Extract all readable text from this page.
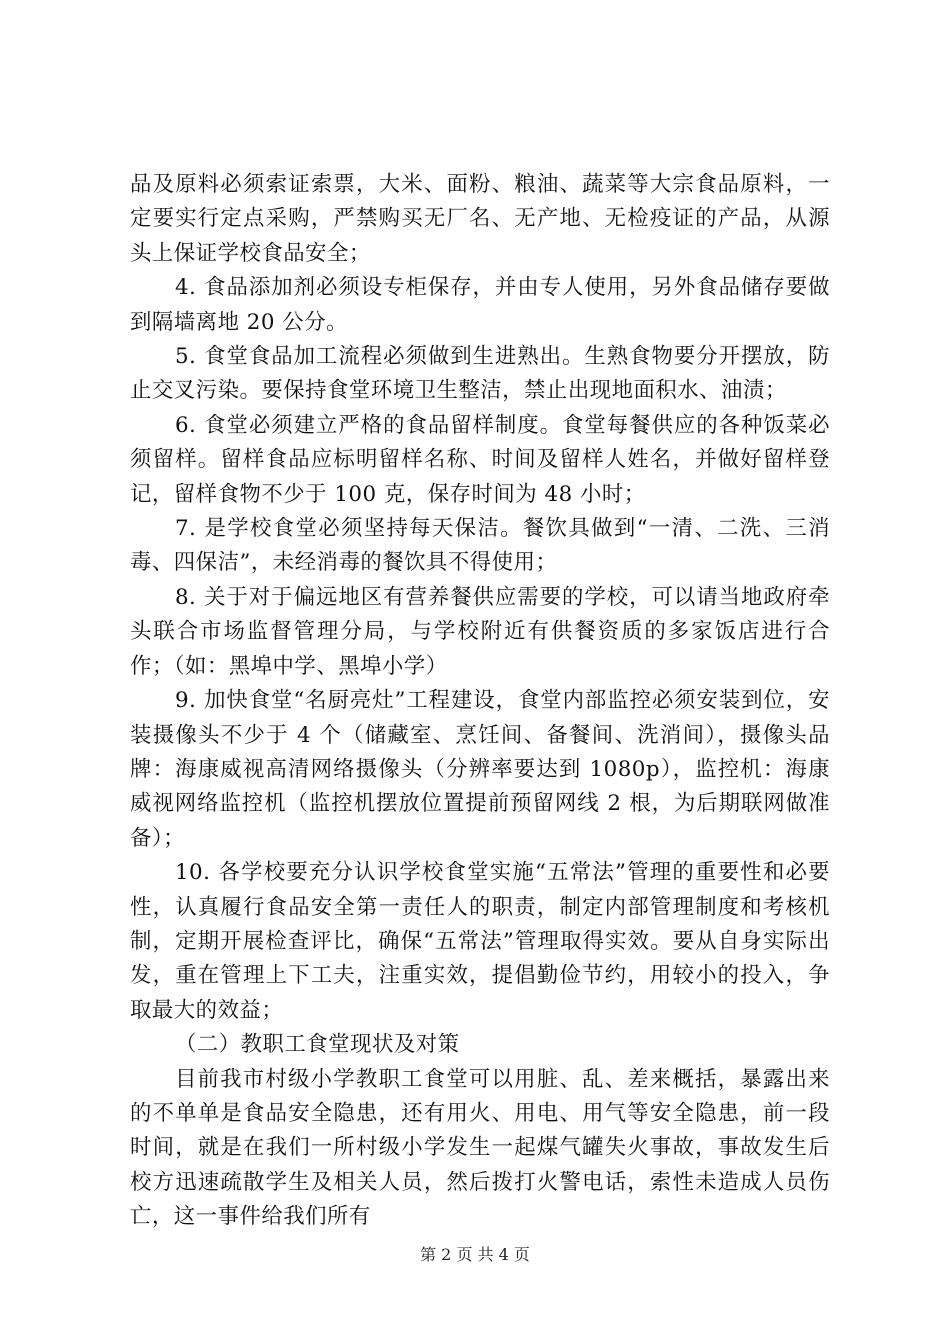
品及原料必须索证索票，大米、面粉、粮油、蔬菜等大宗食品原料，一定要实行定点采购，严禁购买无厂名、无产地、无检疫证的产品，从源头上保证学校食品安全；

4. 食品添加剂必须设专柜保存，并由专人使用，另外食品储存要做到隔墙离地 20 公分。

5. 食堂食品加工流程必须做到生进熟出。生熟食物要分开摆放，防止交叉污染。要保持食堂环境卫生整洁，禁止出现地面积水、油渍；

6. 食堂必须建立严格的食品留样制度。食堂每餐供应的各种饭菜必须留样。留样食品应标明留样名称、时间及留样人姓名，并做好留样登记，留样食物不少于 100 克，保存时间为 48 小时；

7. 是学校食堂必须坚持每天保洁。餐饮具做到“一清、二洗、三消毒、四保洁”，未经消毒的餐饮具不得使用；

8. 关于对于偏远地区有营养餐供应需要的学校，可以请当地政府牵头联合市场监督管理分局，与学校附近有供餐资质的多家饭店进行合作；（如：黑埠中学、黑埠小学）

9. 加快食堂“名厨亮灶”工程建设，食堂内部监控必须安装到位，安装摄像头不少于 4 个（储藏室、烹饪间、备餐间、洗消间），摄像头品牌：海康威视高清网络摄像头（分辨率要达到 1080p），监控机：海康威视网络监控机（监控机摆放位置提前预留网线 2 根，为后期联网做准备）；

10. 各学校要充分认识学校食堂实施“五常法”管理的重要性和必要性，认真履行食品安全第一责任人的职责，制定内部管理制度和考核机制，定期开展检查评比，确保“五常法”管理取得实效。要从自身实际出发，重在管理上下工夫，注重实效，提倡勤俭节约，用较小的投入，争取最大的效益；

（二）教职工食堂现状及对策

目前我市村级小学教职工食堂可以用脏、乱、差来概括，暴露出来的不单单是食品安全隐患，还有用火、用电、用气等安全隐患，前一段时间，就是在我们一所村级小学发生一起煤气罐失火事故，事故发生后校方迅速疏散学生及相关人员，然后拨打火警电话，索性未造成人员伤亡，这一事件给我们所有

第 2 页 共 4 页
